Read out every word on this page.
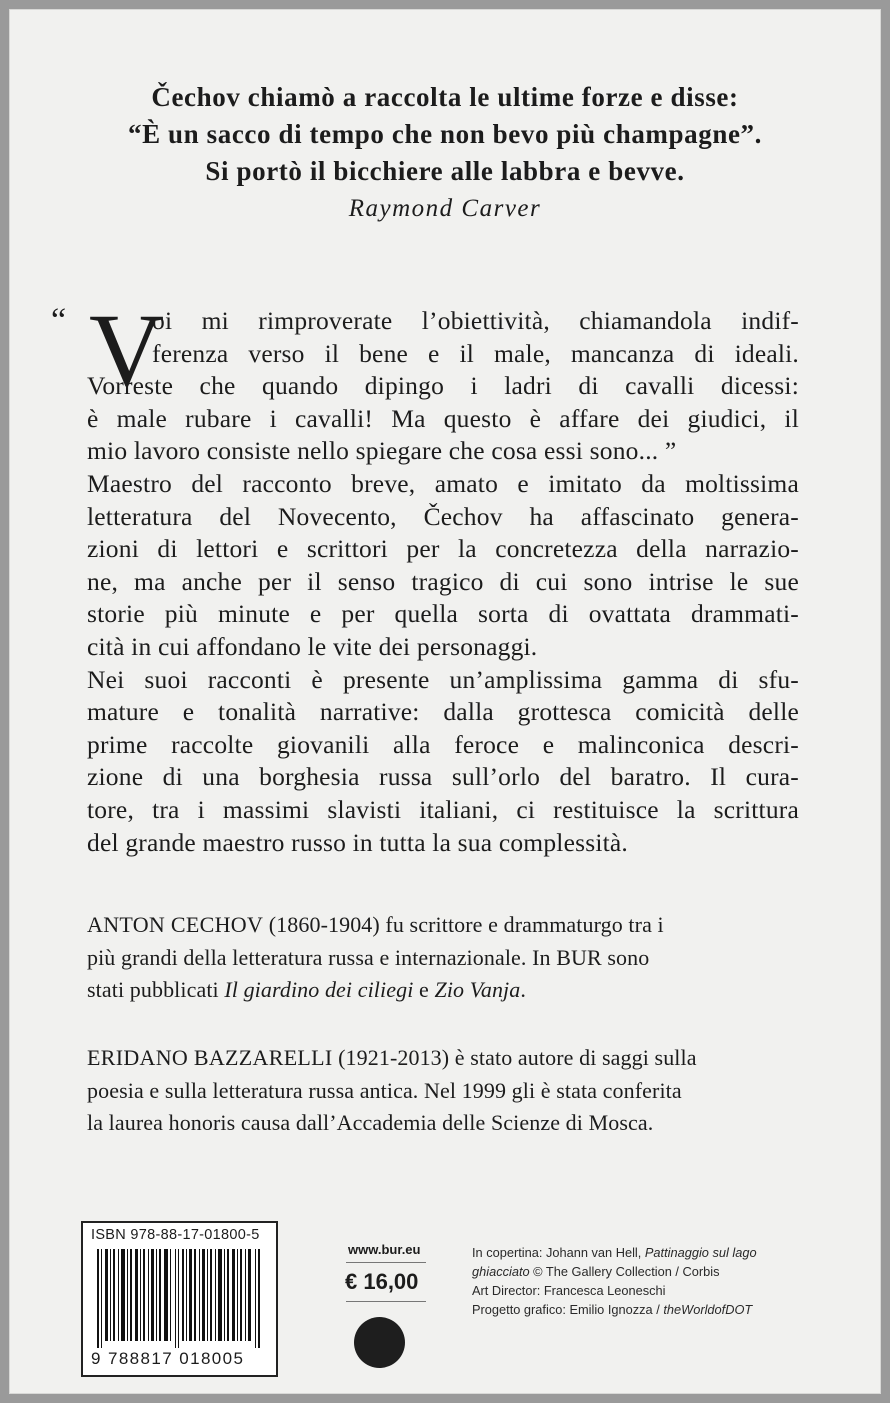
Čechov chiamò a raccolta le ultime forze e disse:
“È un sacco di tempo che non bevo più champagne”.
Si portò il bicchiere alle labbra e bevve.
Raymond Carver
“ V
oi mi rimproverate l’obiettività, chiamandola indif-
ferenza verso il bene e il male, mancanza di ideali.
Vorreste che quando dipingo i ladri di cavalli dicessi:
è male rubare i cavalli! Ma questo è affare dei giudici, il
mio lavoro consiste nello spiegare che cosa essi sono... ”
Maestro del racconto breve, amato e imitato da moltissima
letteratura del Novecento, Čechov ha affascinato genera-
zioni di lettori e scrittori per la concretezza della narrazio-
ne, ma anche per il senso tragico di cui sono intrise le sue
storie più minute e per quella sorta di ovattata drammati-
cità in cui affondano le vite dei personaggi.
Nei suoi racconti è presente un’amplissima gamma di sfu-
mature e tonalità narrative: dalla grottesca comicità delle
prime raccolte giovanili alla feroce e malinconica descri-
zione di una borghesia russa sull’orlo del baratro. Il cura-
tore, tra i massimi slavisti italiani, ci restituisce la scrittura
del grande maestro russo in tutta la sua complessità.
ANTON CECHOV (1860-1904) fu scrittore e drammaturgo tra i
più grandi della letteratura russa e internazionale. In BUR sono
stati pubblicati Il giardino dei ciliegi e Zio Vanja.
ERIDANO BAZZARELLI (1921-2013) è stato autore di saggi sulla
poesia e sulla letteratura russa antica. Nel 1999 gli è stata conferita
la laurea honoris causa dall’Accademia delle Scienze di Mosca.
ISBN 978-88-17-01800-5
9 788817 018005
www.bur.eu
€ 16,00
In copertina: Johann van Hell, Pattinaggio sul lago
ghiacciato © The Gallery Collection / Corbis
Art Director: Francesca Leoneschi
Progetto grafico: Emilio Ignozza / theWorldofDOT
